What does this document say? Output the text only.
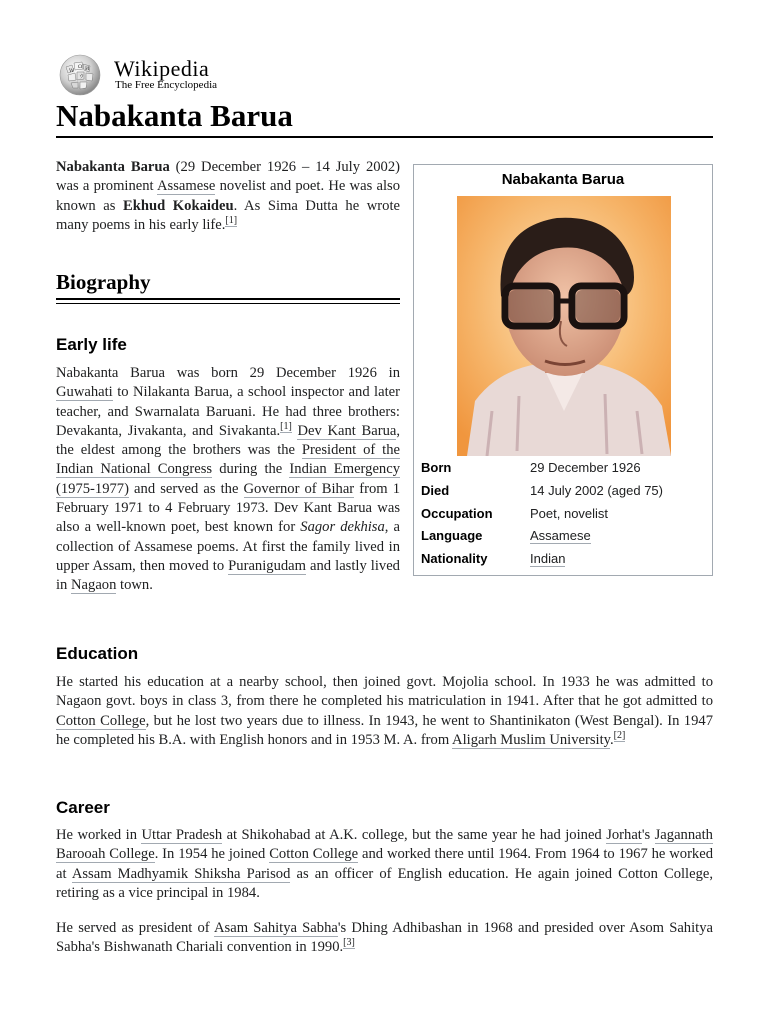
W
Ω И
ウ Wikipedia
The Free Encyclopedia
Nabakanta Barua

Nabakanta Barua (29 December 1926 – 14 July 2002) was a prominent Assamese novelist and poet. He was also known as Ekhud Kokaideu. As Sima Dutta he wrote many poems in his early life.[1]

Biography
Early life

Nabakanta Barua was born 29 December 1926 in Guwahati to Nilakanta Barua, a school inspector and later teacher, and Swarnalata Baruani. He had three brothers: Devakanta, Jivakanta, and Sivakanta.[1] Dev Kant Barua, the eldest among the brothers was the President of the Indian National Congress during the Indian Emergency (1975-1977) and served as the Governor of Bihar from 1 February 1971 to 4 February 1973. Dev Kant Barua was also a well-known poet, best known for Sagor dekhisa, a collection of Assamese poems. At first the family lived in upper Assam, then moved to Puranigudam and lastly lived in Nagaon town.

Education

He started his education at a nearby school, then joined govt. Mojolia school. In 1933 he was admitted to Nagaon govt. boys in class 3, from there he completed his matriculation in 1941. After that he got admitted to Cotton College, but he lost two years due to illness. In 1943, he went to Shantinikaton (West Bengal). In 1947 he completed his B.A. with English honors and in 1953 M. A. from Aligarh Muslim University.[2]

Career

He worked in Uttar Pradesh at Shikohabad at A.K. college, but the same year he had joined Jorhat's Jagannath Barooah College. In 1954 he joined Cotton College and worked there until 1964. From 1964 to 1967 he worked at Assam Madhyamik Shiksha Parisod as an officer of English education. He again joined Cotton College, retiring as a vice principal in 1984.

He served as president of Asam Sahitya Sabha's Dhing Adhibashan in 1968 and presided over Asom Sahitya Sabha's Bishwanath Chariali convention in 1990.[3]

Nabakanta Barua
Born	29 December 1926
Died	14 July 2002 (aged 75)
Occupation	Poet, novelist
Language	Assamese
Nationality	Indian
